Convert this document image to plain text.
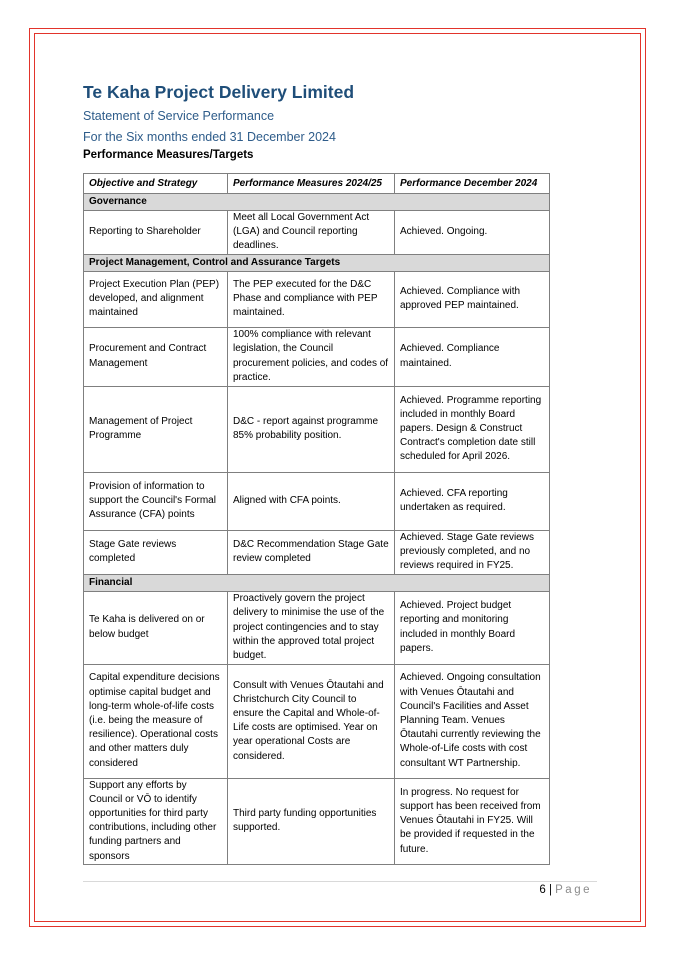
Te Kaha Project Delivery Limited
Statement of Service Performance
For the Six months ended 31 December 2024
Performance Measures/Targets
Objective and Strategy	Performance Measures 2024/25	Performance December 2024
Governance		
Reporting to Shareholder	Meet all Local Government Act (LGA) and Council reporting deadlines.	Achieved. Ongoing.
Project Management, Control and Assurance Targets		
Project Execution Plan (PEP) developed, and alignment maintained	The PEP executed for the D&C Phase and compliance with PEP maintained.	Achieved. Compliance with approved PEP maintained.
Procurement and Contract Management	100% compliance with relevant legislation, the Council procurement policies, and codes of practice.	Achieved. Compliance maintained.
Management of Project Programme	D&C - report against programme 85% probability position.	Achieved. Programme reporting included in monthly Board papers. Design & Construct Contract's completion date still scheduled for April 2026.
Provision of information to support the Council's Formal Assurance (CFA) points	Aligned with CFA points.	Achieved. CFA reporting undertaken as required.
Stage Gate reviews completed	D&C Recommendation Stage Gate review completed	Achieved. Stage Gate reviews previously completed, and no reviews required in FY25.
Financial		
Te Kaha is delivered on or below budget	Proactively govern the project delivery to minimise the use of the project contingencies and to stay within the approved total project budget.	Achieved. Project budget reporting and monitoring included in monthly Board papers.
Capital expenditure decisions optimise capital budget and long-term whole-of-life costs (i.e. being the measure of resilience). Operational costs and other matters duly considered	Consult with Venues Ōtautahi and Christchurch City Council to ensure the Capital and Whole-of-Life costs are optimised. Year on year operational Costs are considered.	Achieved. Ongoing consultation with Venues Ōtautahi and Council's Facilities and Asset Planning Team. Venues Ōtautahi currently reviewing the Whole-of-Life costs with cost consultant WT Partnership.
Support any efforts by Council or VŌ to identify opportunities for third party contributions, including other funding partners and sponsors	Third party funding opportunities supported.	In progress. No request for support has been received from Venues Ōtautahi in FY25. Will be provided if requested in the future.
6 | Page
